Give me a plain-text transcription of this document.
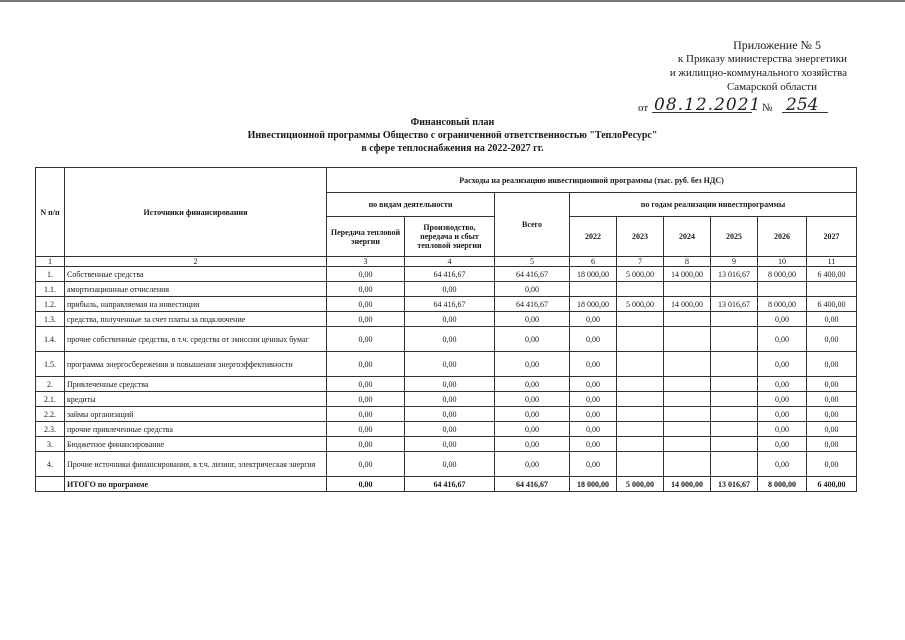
Приложение № 5
к Приказу министерства энергетики
и жилищно-коммунального хозяйства
Самарской области
от 08.12.2021 № 254
Финансовый план
Инвестиционной программы Общество с ограниченной ответственностью "ТеплоРесурс"
в сфере теплоснабжения на 2022-2027 гг.
N п/п	Источники финансирования	Расходы на реализацию инвестиционной программы (тыс. руб. без НДС)								
		по видам деятельности		Всего	по годам реализации инвестпрограммы					
		Передача тепловой энергии	Производство, передача и сбыт тепловой энергии		2022	2023	2024	2025	2026	2027
1	2	3	4	5	6	7	8	9	10	11
1.	Собственные средства	0,00	64 416,67	64 416,67	18 000,00	5 000,00	14 000,00	13 016,67	8 000,00	6 400,00
1.1.	амортизационные отчисления	0,00	0,00	0,00						
1.2.	прибыль, направляемая на инвестиции	0,00	64 416,67	64 416,67	18 000,00	5 000,00	14 000,00	13 016,67	8 000,00	6 400,00
1.3.	средства, полученные за счет платы за подключение	0,00	0,00	0,00	0,00				0,00	0,00
1.4.	прочие собственные средства, в т.ч. средства от эмиссии ценных бумаг	0,00	0,00	0,00	0,00				0,00	0,00
1.5.	программа энергосбережения и повышения энергоэффективности	0,00	0,00	0,00	0,00				0,00	0,00
2.	Привлеченные средства	0,00	0,00	0,00	0,00				0,00	0,00
2.1.	кредиты	0,00	0,00	0,00	0,00				0,00	0,00
2.2.	займы организаций	0,00	0,00	0,00	0,00				0,00	0,00
2.3.	прочие привлеченные средства	0,00	0,00	0,00	0,00				0,00	0,00
3.	Бюджетное финансирование	0,00	0,00	0,00	0,00				0,00	0,00
4.	Прочие источники финансирования, в т.ч. лизинг, электрическая энергия	0,00	0,00	0,00	0,00				0,00	0,00
	ИТОГО по программе	0,00	64 416,67	64 416,67	18 000,00	5 000,00	14 000,00	13 016,67	8 000,00	6 400,00
